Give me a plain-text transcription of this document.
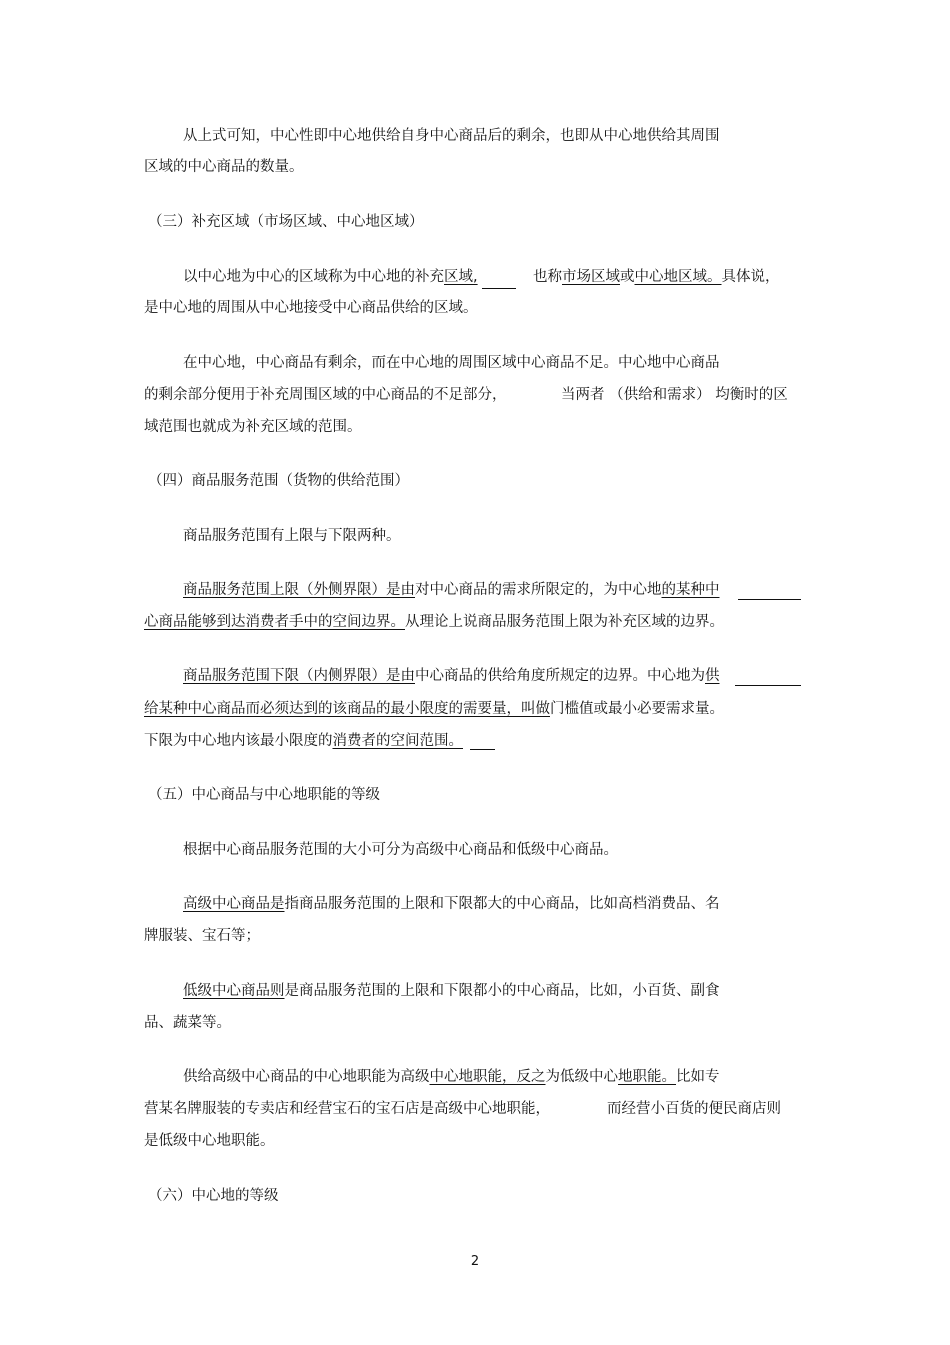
从上式可知，中心性即中心地供给自身中心商品后的剩余，也即从中心地供给其周围
区域的中心商品的数量。
（三）补充区域（市场区域、中心地区域）
以中心地为中心的区域称为中心地的补充区域,	也称市场区域或中心地区域。具体说，
是中心地的周围从中心地接受中心商品供给的区域。
在中心地，中心商品有剩余，而在中心地的周围区域中心商品不足。中心地中心商品
的剩余部分便用于补充周围区域的中心商品的不足部分，	当两者 （供给和需求） 均衡时的区
域范围也就成为补充区域的范围。
（四）商品服务范围（货物的供给范围）
商品服务范围有上限与下限两种。
商品服务范围上限（外侧界限）是由对中心商品的需求所限定的，为中心地的某种中
心商品能够到达消费者手中的空间边界。从理论上说商品服务范围上限为补充区域的边界。
商品服务范围下限（内侧界限）是由中心商品的供给角度所规定的边界。中心地为供
给某种中心商品而必须达到的该商品的最小限度的需要量，叫做门槛值或最小必要需求量。
下限为中心地内该最小限度的消费者的空间范围。
（五）中心商品与中心地职能的等级
根据中心商品服务范围的大小可分为高级中心商品和低级中心商品。
高级中心商品是指商品服务范围的上限和下限都大的中心商品，比如高档消费品、名
牌服装、宝石等；
低级中心商品则是商品服务范围的上限和下限都小的中心商品，比如，小百货、副食
品、蔬菜等。
供给高级中心商品的中心地职能为高级中心地职能，反之为低级中心地职能。比如专
营某名牌服装的专卖店和经营宝石的宝石店是高级中心地职能，	而经营小百货的便民商店则
是低级中心地职能。
（六）中心地的等级
2
